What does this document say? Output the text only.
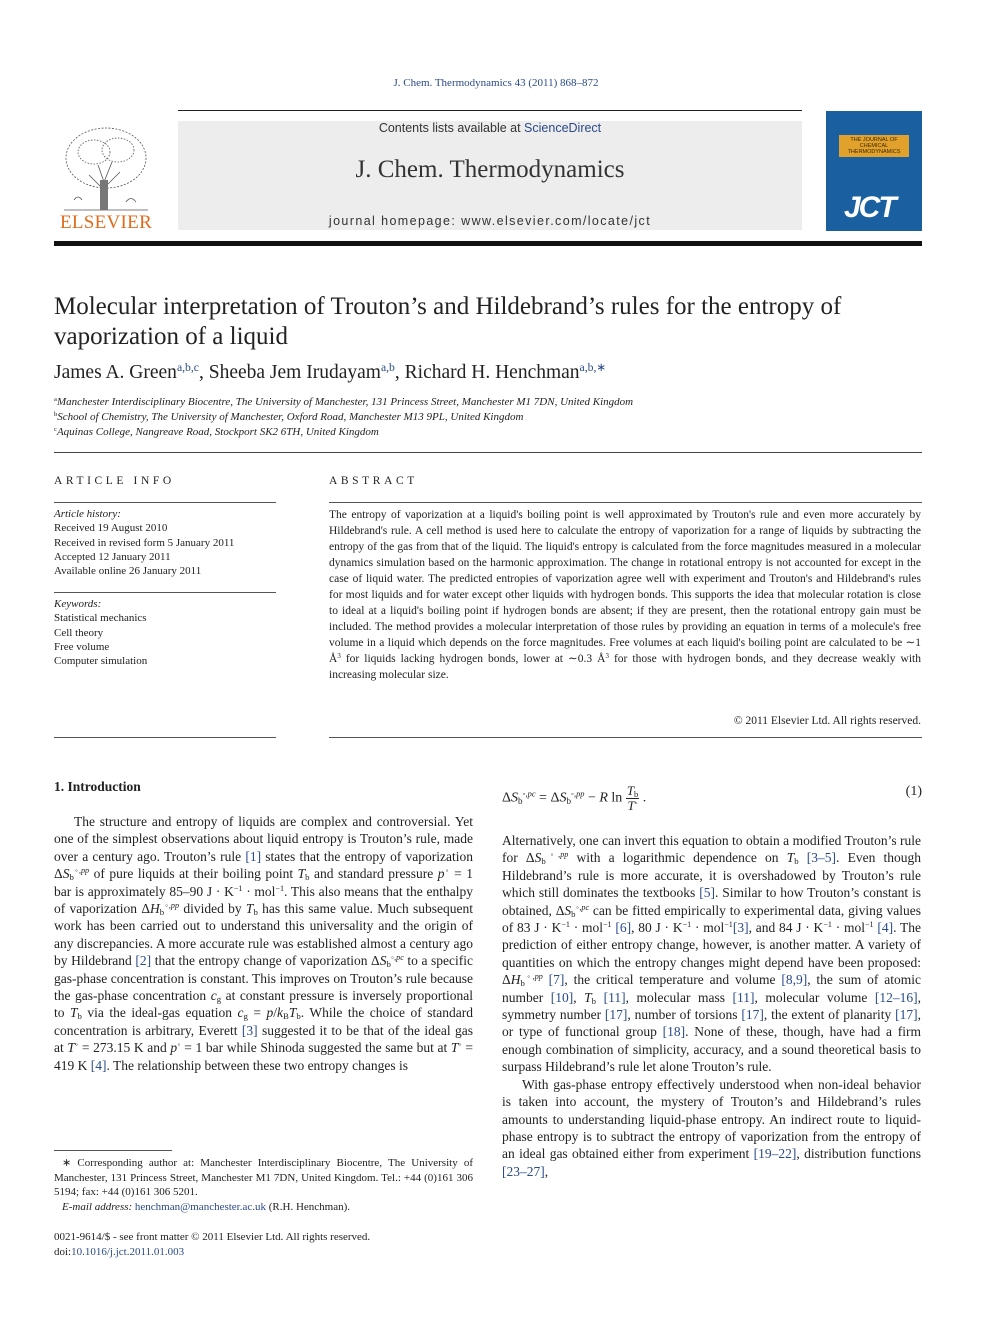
J. Chem. Thermodynamics 43 (2011) 868–872
ELSEVIER
Contents lists available at ScienceDirect
J. Chem. Thermodynamics
journal homepage: www.elsevier.com/locate/jct
THE JOURNAL OF CHEMICAL THERMODYNAMICS
JCT
Molecular interpretation of Trouton’s and Hildebrand’s rules for the entropy of vaporization of a liquid
James A. Green$^{a,b,c}$, Sheeba Jem Irudayam$^{a,b}$, Richard H. Henchman$^{a,b,∗}$
$^a$Manchester Interdisciplinary Biocentre, The University of Manchester, 131 Princess Street, Manchester M1 7DN, United Kingdom
$^b$School of Chemistry, The University of Manchester, Oxford Road, Manchester M13 9PL, United Kingdom
$^c$Aquinas College, Nangreave Road, Stockport SK2 6TH, United Kingdom
ARTICLE INFO
Article history:
Received 19 August 2010
Received in revised form 5 January 2011
Accepted 12 January 2011
Available online 26 January 2011
Keywords:
Statistical mechanics
Cell theory
Free volume
Computer simulation
ABSTRACT
The entropy of vaporization at a liquid's boiling point is well approximated by Trouton's rule and even more accurately by Hildebrand's rule. A cell method is used here to calculate the entropy of vaporization for a range of liquids by subtracting the entropy of the gas from that of the liquid. The liquid's entropy is calculated from the force magnitudes measured in a molecular dynamics simulation based on the harmonic approximation. The change in rotational entropy is not accounted for except in the case of liquid water. The predicted entropies of vaporization agree well with experiment and Trouton's and Hildebrand's rules for most liquids and for water except other liquids with hydrogen bonds. This supports the idea that molecular rotation is close to ideal at a liquid's boiling point if hydrogen bonds are absent; if they are present, then the rotational entropy gain must be included. The method provides a molecular interpretation of those rules by providing an equation in terms of a molecule's free volume in a liquid which depends on the force magnitudes. Free volumes at each liquid's boiling point are calculated to be ∼1 $Å^3$ for liquids lacking hydrogen bonds, lower at ∼0.3 $Å^3$ for those with hydrogen bonds, and they decrease weakly with increasing molecular size.
© 2011 Elsevier Ltd. All rights reserved.
1. Introduction
The structure and entropy of liquids are complex and controversial. Yet one of the simplest observations about liquid entropy is Trouton’s rule, made over a century ago. Trouton’s rule [1] states that the entropy of vaporization $\Delta S_b^{◦,pp}$ of pure liquids at their boiling point $T_b$ and standard pressure p◦ = 1 bar is approximately 85–90 $J \cdot K^{-1} \cdot mol^{-1}$. This also means that the enthalpy of vaporization $\Delta H_b^{◦,pp}$ divided by $T_b$ has this same value. Much subsequent work has been carried out to understand this universality and the origin of any discrepancies. A more accurate rule was established almost a century ago by Hildebrand [2] that the entropy change of vaporization $\Delta S_b^{◦,pc}$ to a specific gas-phase concentration is constant. This improves on Trouton’s rule because the gas-phase concentration $c_g$ at constant pressure is inversely proportional to $T_b$ via the ideal-gas equation $c_g = p/k_BT_b$. While the choice of standard concentration is arbitrary, Everett [3] suggested it to be that of the ideal gas at T◦ = 273.15 K and p◦ = 1 bar while Shinoda suggested the same but at T◦ = 419 K [4]. The relationship between these two entropy changes is
$\Delta S_b^{◦,pc} = \Delta S_b^{◦,pp} - R$ $\ln \frac{T_b}{T^◦}$ .	(1)

Alternatively, one can invert this equation to obtain a modified Trouton’s rule for $\Delta S_b^{◦,pp}$ with a logarithmic dependence on $T_b$ [3–5]. Even though Hildebrand’s rule is more accurate, it is overshadowed by Trouton’s rule which still dominates the textbooks [5]. Similar to how Trouton’s constant is obtained, $\Delta S_b^{◦,pc}$ can be fitted empirically to experimental data, giving values of 83 $J \cdot K^{-1} \cdot mol^{-1}$ [6], 80 $J \cdot K^{-1} \cdot mol^{-1}[3]$, and 84 $J \cdot K^{-1} \cdot mol^{-1}$ [4]. The prediction of either entropy change, however, is another matter. A variety of quantities on which the entropy changes might depend have been proposed: $\Delta H_b^{◦,pp}$ [7], the critical temperature and volume [8,9], the sum of atomic number [10], $T_b$ [11], molecular mass [11], molecular volume [12–16], symmetry number [17], number of torsions [17], the extent of planarity [17], or type of functional group [18]. None of these, though, have had a firm enough combination of simplicity, accuracy, and a sound theoretical basis to surpass Hildebrand’s rule let alone Trouton’s rule.

With gas-phase entropy effectively understood when non-ideal behavior is taken into account, the mystery of Trouton’s and Hildebrand’s rules amounts to understanding liquid-phase entropy. An indirect route to liquid-phase entropy is to subtract the entropy of vaporization from the entropy of an ideal gas obtained either from experiment [19–22], distribution functions [23–27],

∗ Corresponding author at: Manchester Interdisciplinary Biocentre, The University of Manchester, 131 Princess Street, Manchester M1 7DN, United Kingdom. Tel.: +44 (0)161 306 5194; fax: +44 (0)161 306 5201.

E-mail address: henchman@manchester.ac.uk (R.H. Henchman).

0021-9614/$ - see front matter © 2011 Elsevier Ltd. All rights reserved.
doi:10.1016/j.jct.2011.01.003
